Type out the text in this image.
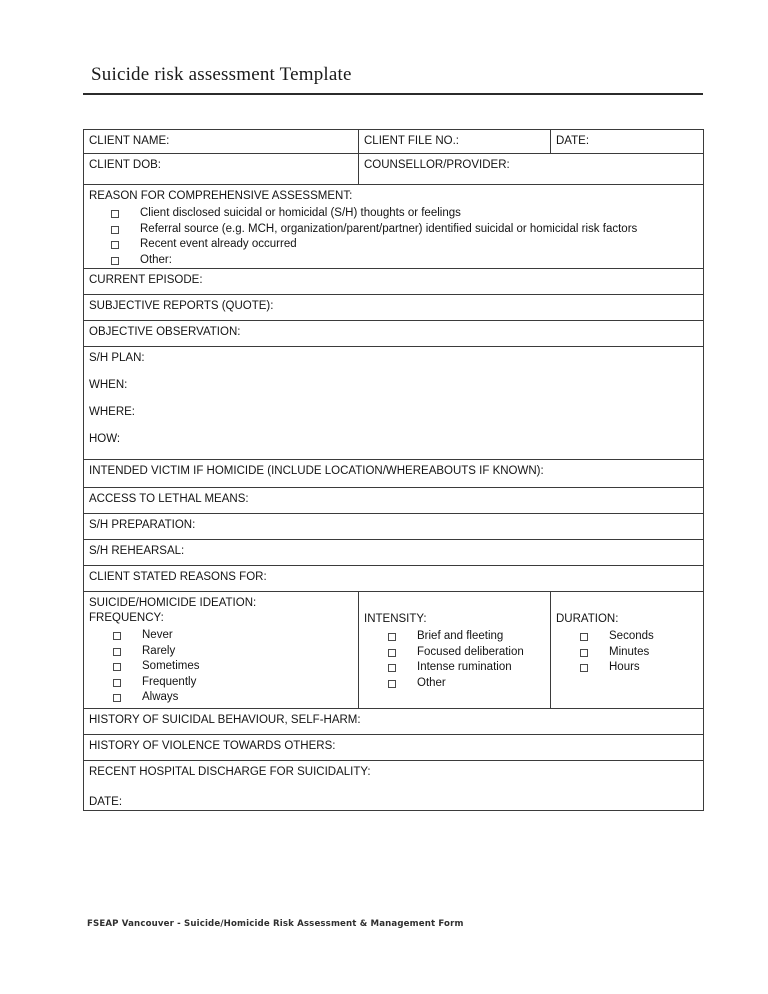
Suicide risk assessment Template
CLIENT NAME:	CLIENT FILE NO.:	DATE:

CLIENT DOB:	COUNSELLOR/PROVIDER:	

REASON FOR COMPREHENSIVE ASSESSMENT:
Client disclosed suicidal or homicidal (S/H) thoughts or feelings
Referral source (e.g. MCH, organization/parent/partner) identified suicidal or homicidal risk factors
Recent event already occurred
Other:

CURRENT EPISODE:		

SUBJECTIVE REPORTS (QUOTE):		

OBJECTIVE OBSERVATION:		

S/H PLAN:
WHEN:
WHERE:
HOW:		

INTENDED VICTIM IF HOMICIDE (INCLUDE LOCATION/WHEREABOUTS IF KNOWN):		

ACCESS TO LETHAL MEANS:		

S/H PREPARATION:		

S/H REHEARSAL:		

CLIENT STATED REASONS FOR:		

SUICIDE/HOMICIDE IDEATION:
FREQUENCY:
Never
Rarely
Sometimes
Frequently
Always

INTENSITY:
Brief and fleeting
Focused deliberation
Intense rumination
Other

DURATION:
Seconds
Minutes
Hours

HISTORY OF SUICIDAL BEHAVIOUR, SELF-HARM:		

HISTORY OF VIOLENCE TOWARDS OTHERS:		

RECENT HOSPITAL DISCHARGE FOR SUICIDALITY:
DATE:		
FSEAP Vancouver - Suicide/Homicide Risk Assessment & Management Form
